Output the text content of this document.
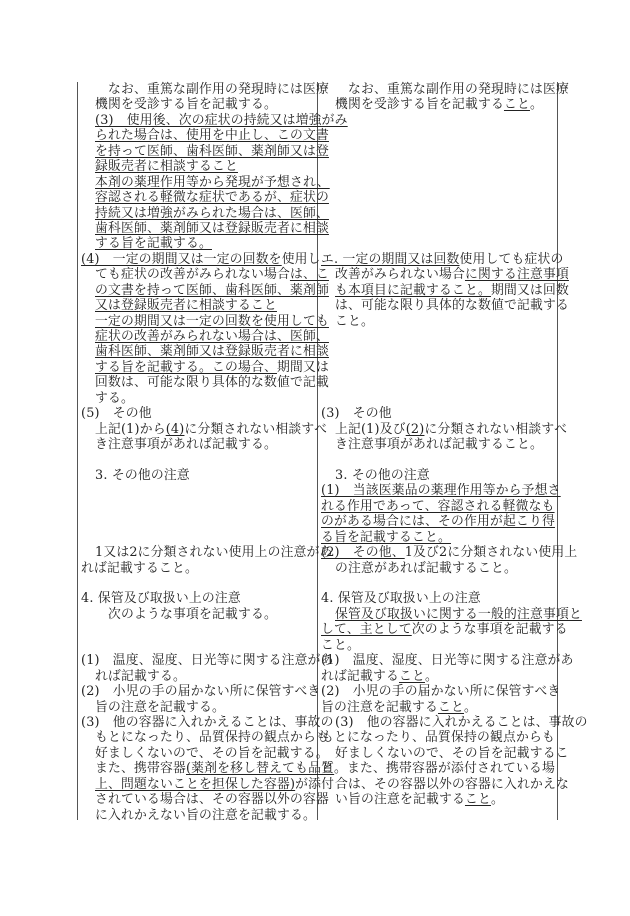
なお、重篤な副作用の発現時には医療
機関を受診する旨を記載する。
(3)　使用後、次の症状の持続又は増強がみ
られた場合は、使用を中止し、この文書
を持って医師、歯科医師、薬剤師又は登
録販売者に相談すること
本剤の薬理作用等から発現が予想され、
容認される軽微な症状であるが、症状の
持続又は増強がみられた場合は、医師、
歯科医師、薬剤師又は登録販売者に相談
する旨を記載する。
(4)　一定の期間又は一定の回数を使用し
ても症状の改善がみられない場合は、こ
の文書を持って医師、歯科医師、薬剤師
又は登録販売者に相談すること
一定の期間又は一定の回数を使用しても
症状の改善がみられない場合は、医師、
歯科医師、薬剤師又は登録販売者に相談
する旨を記載する。この場合、期間又は
回数は、可能な限り具体的な数値で記載
する。
(5)　その他
上記(1)から(4)に分類されない相談すべ
き注意事項があれば記載する。
3. その他の注意
1又は2に分類されない使用上の注意があ
れば記載すること。
4. 保管及び取扱い上の注意
次のような事項を記載する。
(1)　温度、湿度、日光等に関する注意があ
れば記載する。
(2)　小児の手の届かない所に保管すべき
旨の注意を記載する。
(3)　他の容器に入れかえることは、事故の
もとになったり、品質保持の観点からも
好ましくないので、その旨を記載する。
また、携帯容器(薬剤を移し替えても品質
上、問題ないことを担保した容器)が添付
されている場合は、その容器以外の容器
に入れかえない旨の注意を記載する。
なお、重篤な副作用の発現時には医療
機関を受診する旨を記載すること。
エ. 一定の期間又は回数使用しても症状の
改善がみられない場合に関する注意事項
も本項目に記載すること。期間又は回数
は、可能な限り具体的な数値で記載する
こと。
(3)　その他
上記(1)及び(2)に分類されない相談すべ
き注意事項があれば記載すること。
3. その他の注意
(1)　当該医薬品の薬理作用等から予想さ
れる作用であって、容認される軽微なも
のがある場合には、その作用が起こり得
る旨を記載すること。
(2)　その他、1及び2に分類されない使用上
の注意があれば記載すること。
4. 保管及び取扱い上の注意
保管及び取扱いに関する一般的注意事項と
して、主として次のような事項を記載する
こと。
(1)　温度、湿度、日光等に関する注意があ
れば記載すること。
(2)　小児の手の届かない所に保管すべき
旨の注意を記載すること。
(3)　他の容器に入れかえることは、事故の
もとになったり、品質保持の観点からも
好ましくないので、その旨を記載するこ
と。また、携帯容器が添付されている場
合は、その容器以外の容器に入れかえな
い旨の注意を記載すること。
